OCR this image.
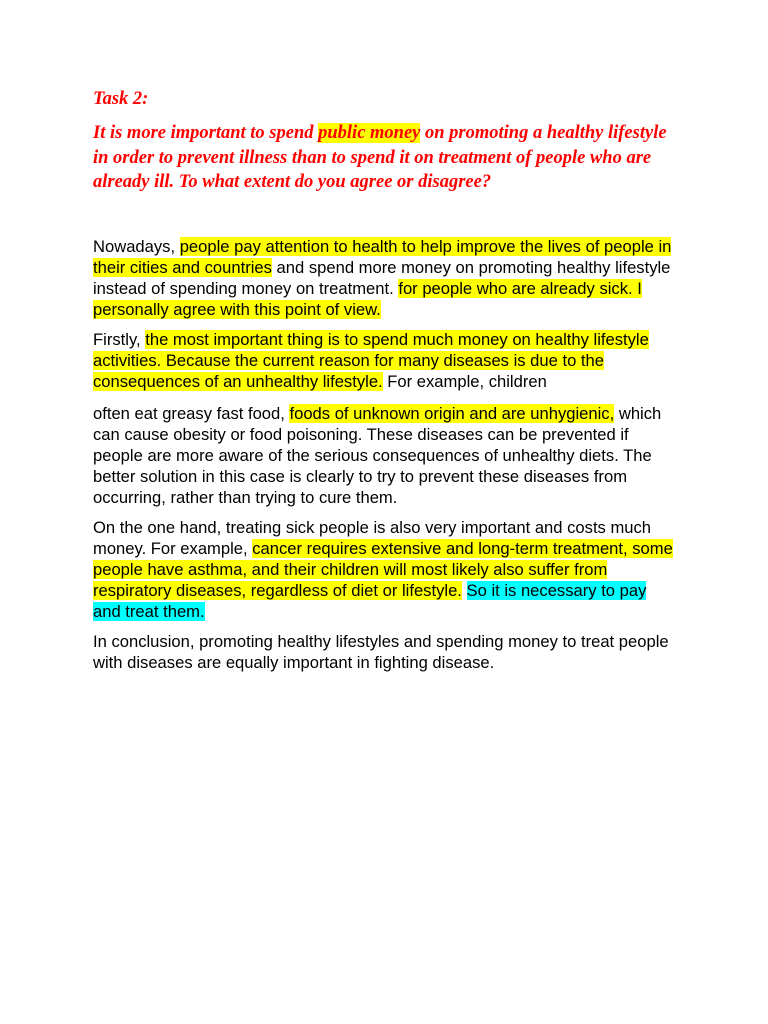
Task 2:

It is more important to spend public money on promoting a healthy lifestyle in order to prevent illness than to spend it on treatment of people who are already ill. To what extent do you agree or disagree?

Nowadays, people pay attention to health to help improve the lives of people in their cities and countries and spend more money on promoting healthy lifestyle instead of spending money on treatment. for people who are already sick. I personally agree with this point of view.

Firstly, the most important thing is to spend much money on healthy lifestyle activities. Because the current reason for many diseases is due to the consequences of an unhealthy lifestyle. For example, children

often eat greasy fast food, foods of unknown origin and are unhygienic, which can cause obesity or food poisoning. These diseases can be prevented if people are more aware of the serious consequences of unhealthy diets. The better solution in this case is clearly to try to prevent these diseases from occurring, rather than trying to cure them.

On the one hand, treating sick people is also very important and costs much money. For example, cancer requires extensive and long-term treatment, some people have asthma, and their children will most likely also suffer from respiratory diseases, regardless of diet or lifestyle. So it is necessary to pay and treat them.

In conclusion, promoting healthy lifestyles and spending money to treat people with diseases are equally important in fighting disease.
